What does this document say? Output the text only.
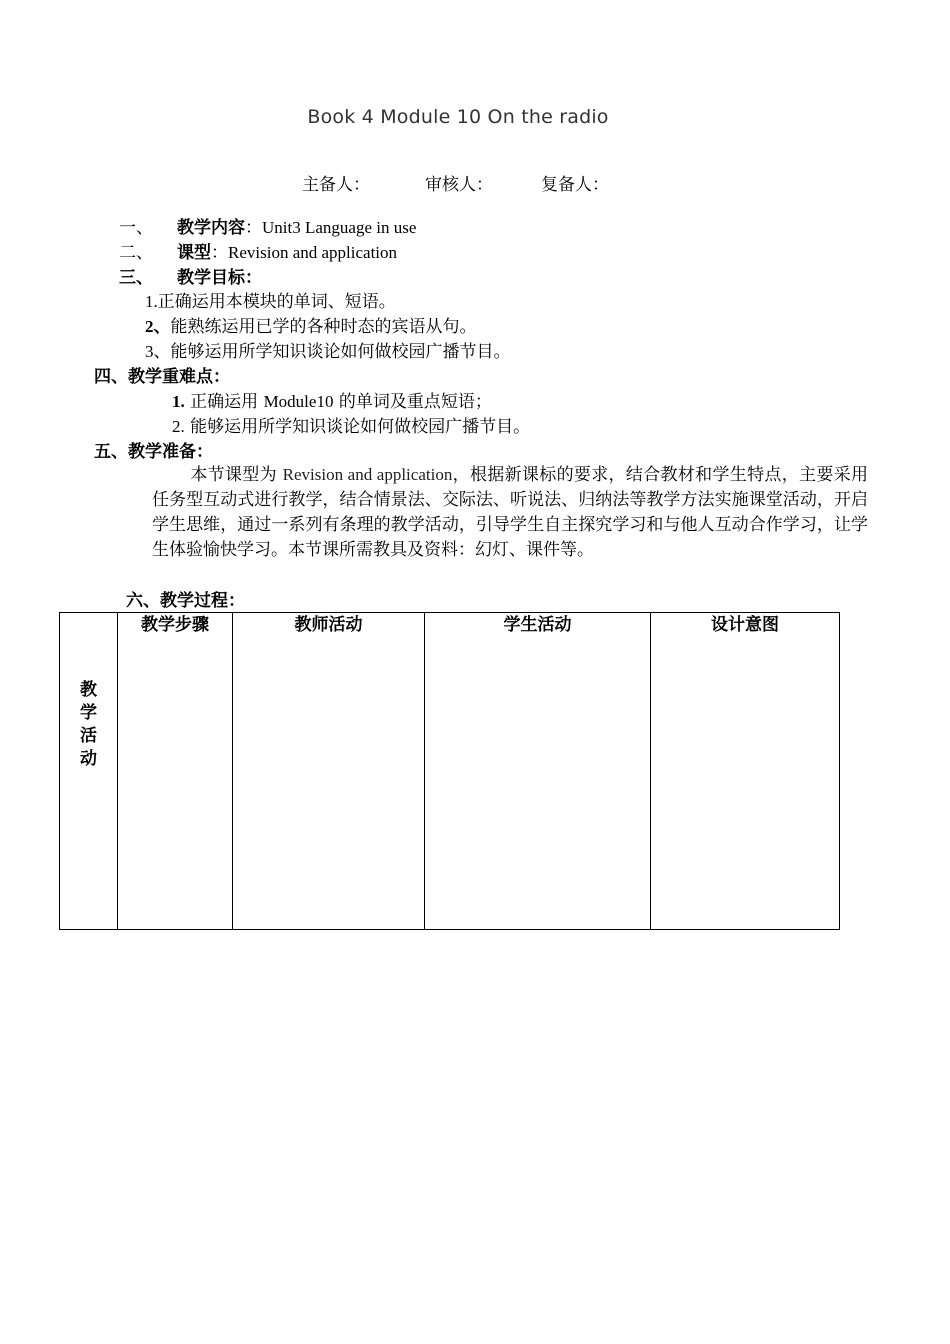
Book 4 Module 10 On the radio
主备人：	审核人：	复备人：
一、 教学内容：Unit3 Language in use
二、 课型：Revision and application
三、 教学目标：
1.正确运用本模块的单词、短语。
2、能熟练运用已学的各种时态的宾语从句。
3、能够运用所学知识谈论如何做校园广播节目。
四、教学重难点：
1. 正确运用 Module10 的单词及重点短语；
2. 能够运用所学知识谈论如何做校园广播节目。
五、教学准备：
本节课型为 Revision and application，根据新课标的要求，结合教材和学生特点，主要采用任务型互动式进行教学，结合情景法、交际法、听说法、归纳法等教学方法实施课堂活动，开启学生思维，通过一系列有条理的教学活动，引导学生自主探究学习和与他人互动合作学习，让学生体验愉快学习。本节课所需教具及资料：幻灯、课件等。
六、教学过程：
教学活动

教学步骤	教师活动	学生活动	设计意图
